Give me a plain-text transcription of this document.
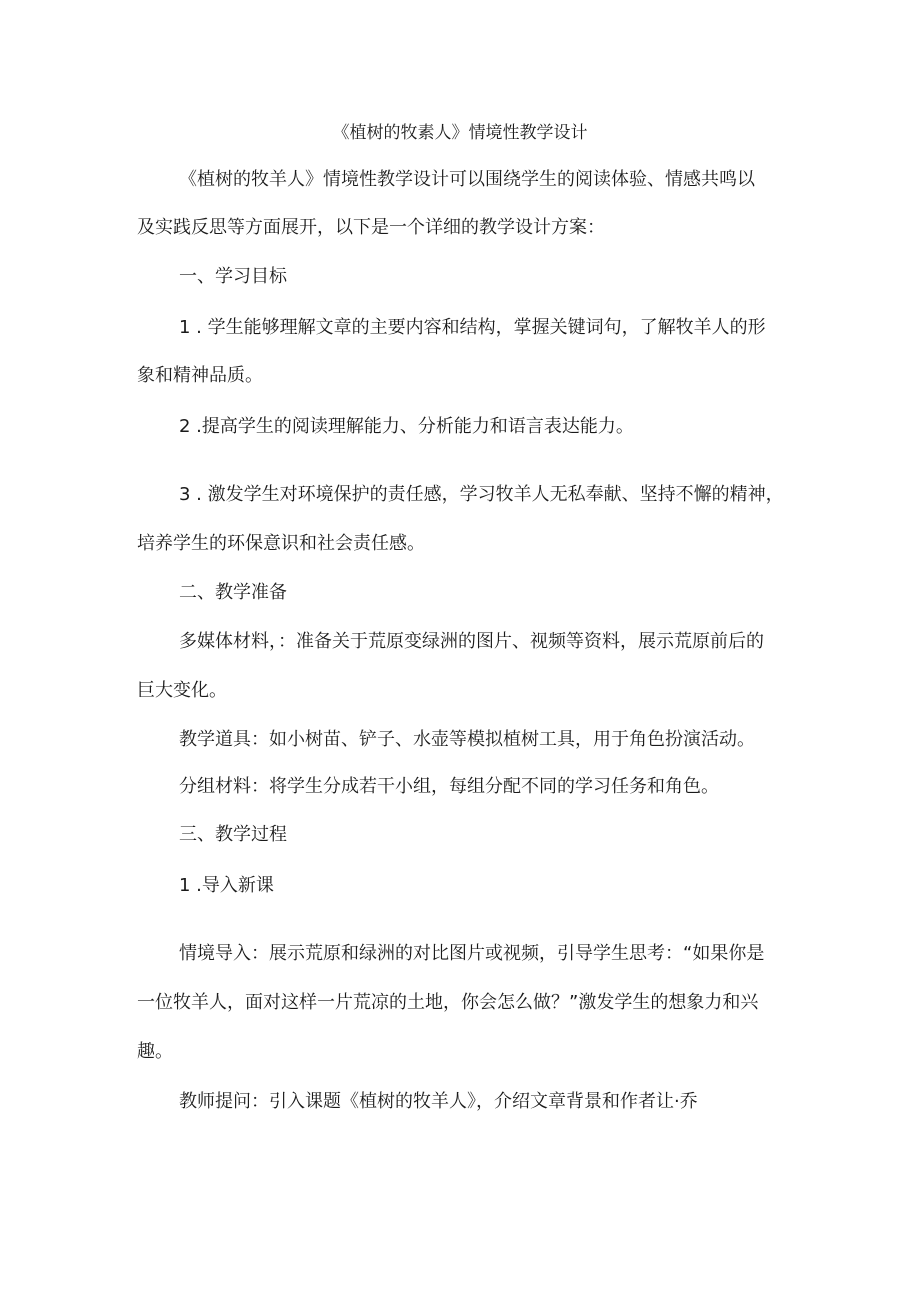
《植树的牧素人》情境性教学设计
《植树的牧羊人》情境性教学设计可以围绕学生的阅读体验、情感共鸣以
及实践反思等方面展开，以下是一个详细的教学设计方案：
一、学习目标
1 . 学生能够理解文章的主要内容和结构，掌握关键词句，了解牧羊人的形
象和精神品质。
2 .提高学生的阅读理解能力、分析能力和语言表达能力。
3 . 激发学生对环境保护的责任感，学习牧羊人无私奉献、坚持不懈的精神，
培养学生的环保意识和社会责任感。
二、教学准备
多媒体材料，：准备关于荒原变绿洲的图片、视频等资料，展示荒原前后的
巨大变化。
教学道具：如小树苗、铲子、水壶等模拟植树工具，用于角色扮演活动。
分组材料：将学生分成若干小组，每组分配不同的学习任务和角色。
三、教学过程
1 .导入新课
情境导入：展示荒原和绿洲的对比图片或视频，引导学生思考：“如果你是
一位牧羊人，面对这样一片荒凉的土地，你会怎么做？”激发学生的想象力和兴
趣。
教师提问：引入课题《植树的牧羊人》，介绍文章背景和作者让·乔
